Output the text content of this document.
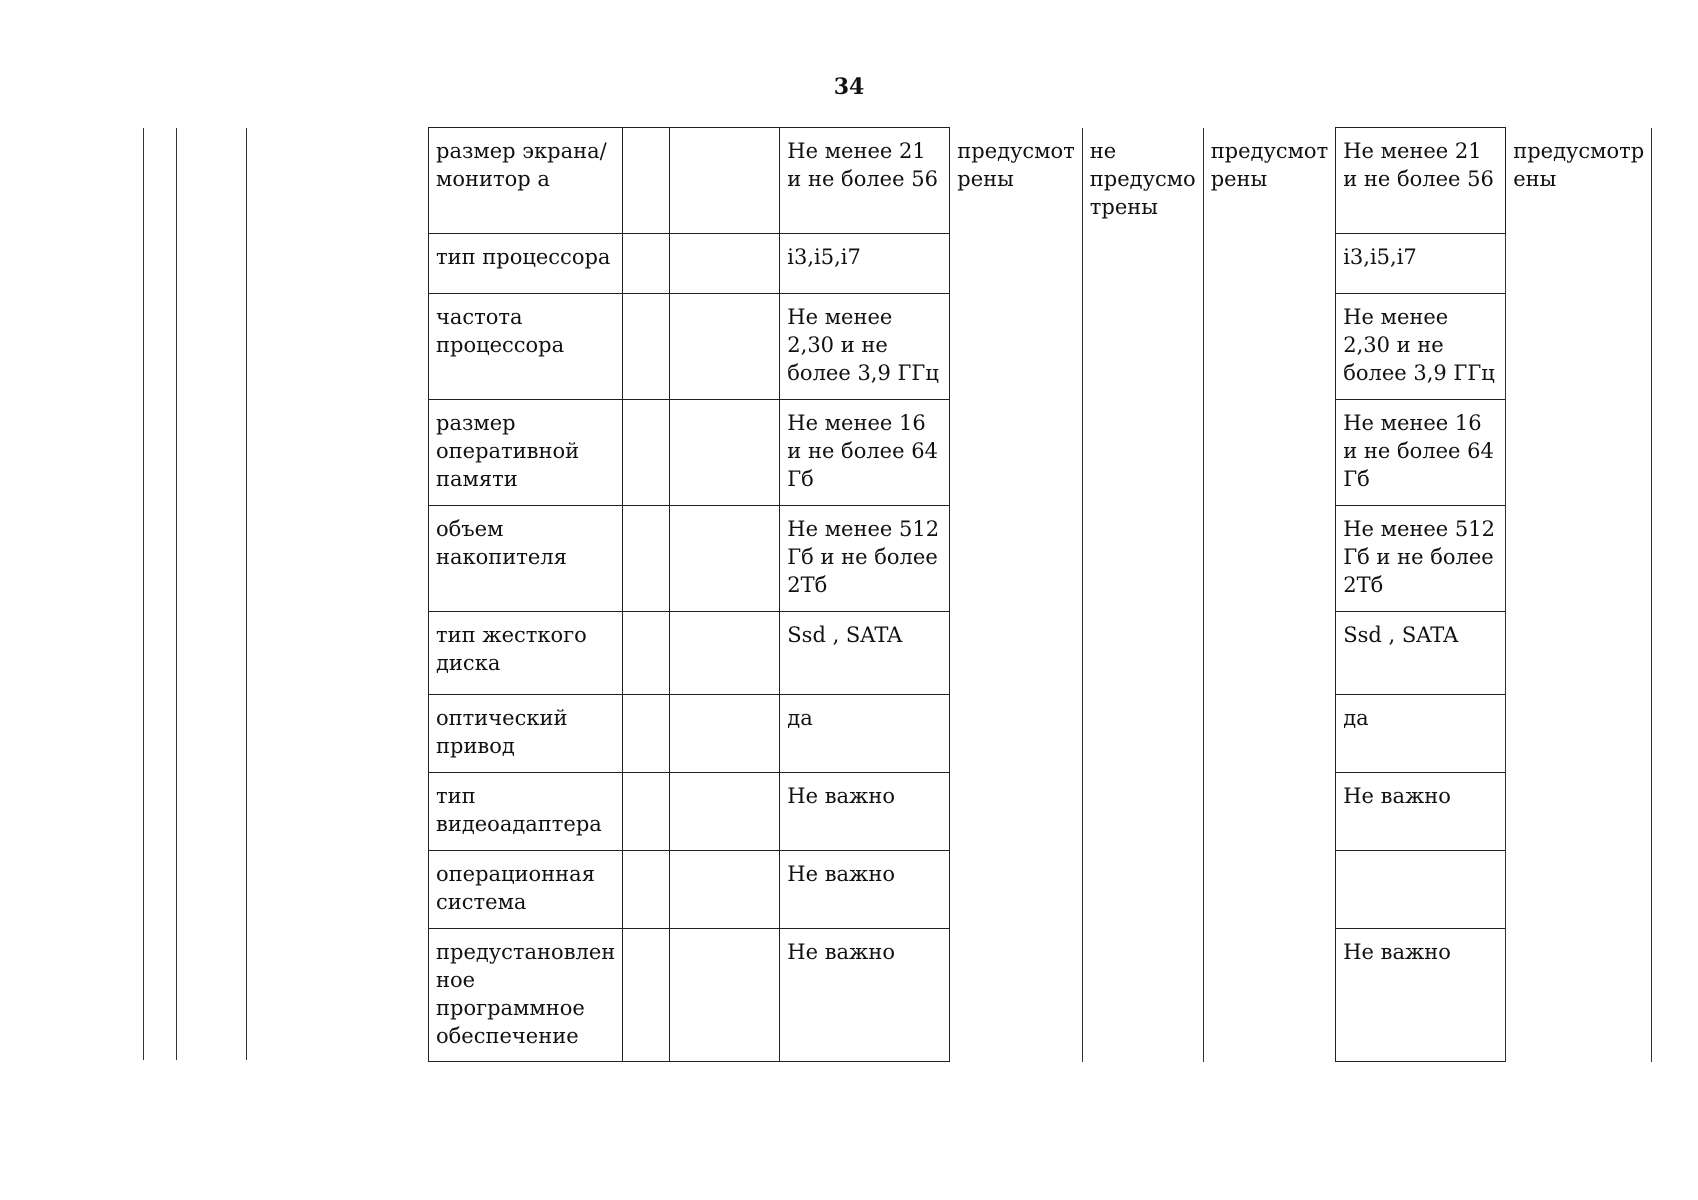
34
размер экрана/монитор а			Не менее 21 и не более 56	предусмот рены	не предусмо трены	предусмот рены	Не менее 21 и не более 56	предусмотр ены
тип процессора			i3,i5,i7				i3,i5,i7	
частота процессора			Не менее 2,30 и не более 3,9 ГГц				Не менее 2,30 и не более 3,9 ГГц	
размер оперативной памяти			Не менее 16 и не более 64 Гб				Не менее 16 и не более 64 Гб	
объем накопителя			Не менее 512 Гб и не более 2Тб				Не менее 512 Гб и не более 2Тб	
тип жесткого диска			Ssd , SATA				Ssd , SATA	
оптический привод			да				да	
тип видеоадаптера			Не важно				Не важно	
операционная система			Не важно					
предустановлен ное программное обеспечение			Не важно				Не важно	
